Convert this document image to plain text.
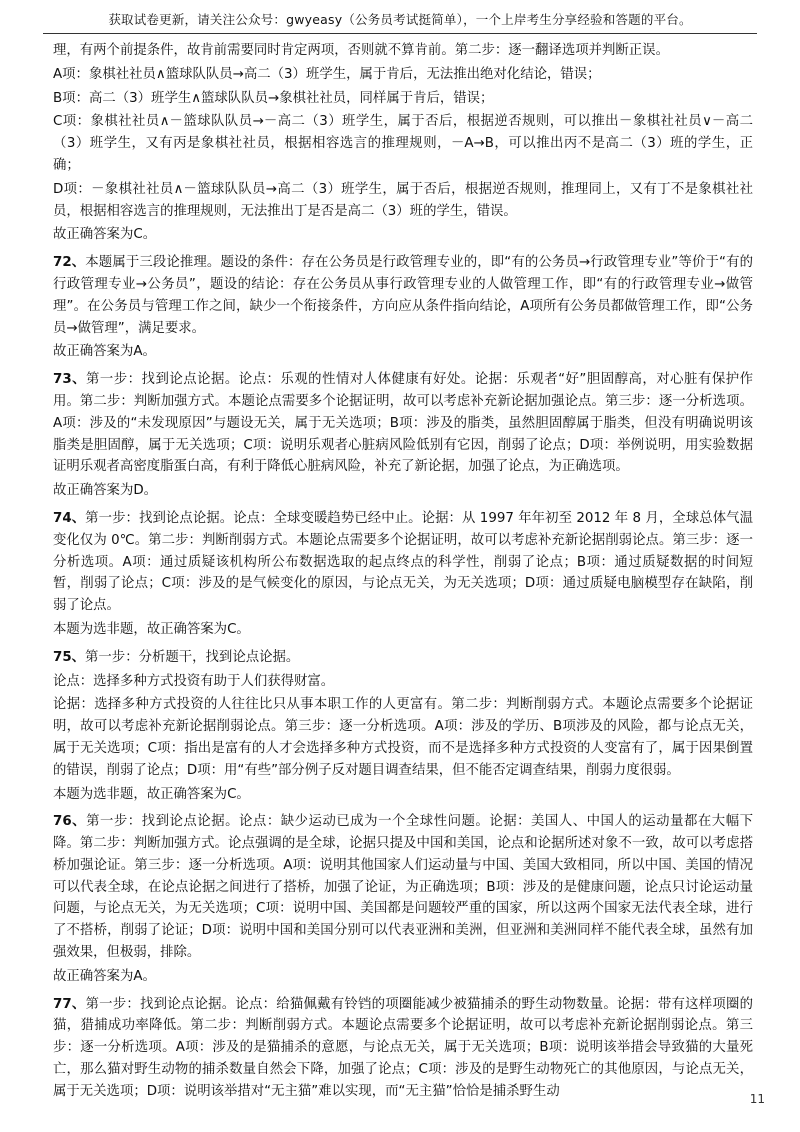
获取试卷更新，请关注公众号：gwyeasy（公务员考试挺简单），一个上岸考生分享经验和答题的平台。

理，有两个前提条件，故肯前需要同时肯定两项，否则就不算肯前。第二步：逐一翻译选项并判断正误。

A项：象棋社社员∧篮球队队员→高二（3）班学生，属于肯后，无法推出绝对化结论，错误；

B项：高二（3）班学生∧篮球队队员→象棋社社员，同样属于肯后，错误；

C项：象棋社社员∧－篮球队队员→－高二（3）班学生，属于否后，根据逆否规则，可以推出－象棋社社员∨－高二（3）班学生，又有丙是象棋社社员，根据相容选言的推理规则，－A→B，可以推出丙不是高二（3）班的学生，正确；

D项：－象棋社社员∧－篮球队队员→高二（3）班学生，属于否后，根据逆否规则，推理同上，又有丁不是象棋社社员，根据相容选言的推理规则，无法推出丁是否是高二（3）班的学生，错误。

故正确答案为C。

72、本题属于三段论推理。题设的条件：存在公务员是行政管理专业的，即“有的公务员→行政管理专业”等价于“有的行政管理专业→公务员”，题设的结论：存在公务员从事行政管理专业的人做管理工作，即“有的行政管理专业→做管理”。在公务员与管理工作之间，缺少一个衔接条件，方向应从条件指向结论，A项所有公务员都做管理工作，即“公务员→做管理”，满足要求。

故正确答案为A。

73、第一步：找到论点论据。论点：乐观的性情对人体健康有好处。论据：乐观者“好”胆固醇高，对心脏有保护作用。第二步：判断加强方式。本题论点需要多个论据证明，故可以考虑补充新论据加强论点。第三步：逐一分析选项。A项：涉及的“未发现原因”与题设无关，属于无关选项；B项：涉及的脂类，虽然胆固醇属于脂类，但没有明确说明该脂类是胆固醇，属于无关选项；C项：说明乐观者心脏病风险低别有它因，削弱了论点；D项：举例说明，用实验数据证明乐观者高密度脂蛋白高，有利于降低心脏病风险，补充了新论据，加强了论点，为正确选项。

故正确答案为D。

74、第一步：找到论点论据。论点：全球变暖趋势已经中止。论据：从 1997 年年初至 2012 年 8 月，全球总体气温变化仅为 0℃。第二步：判断削弱方式。本题论点需要多个论据证明，故可以考虑补充新论据削弱论点。第三步：逐一分析选项。A项：通过质疑该机构所公布数据选取的起点终点的科学性，削弱了论点；B项：通过质疑数据的时间短暂，削弱了论点；C项：涉及的是气候变化的原因，与论点无关，为无关选项；D项：通过质疑电脑模型存在缺陷，削弱了论点。

本题为选非题，故正确答案为C。

75、第一步：分析题干，找到论点论据。

论点：选择多种方式投资有助于人们获得财富。

论据：选择多种方式投资的人往往比只从事本职工作的人更富有。第二步：判断削弱方式。本题论点需要多个论据证明，故可以考虑补充新论据削弱论点。第三步：逐一分析选项。A项：涉及的学历、B项涉及的风险，都与论点无关，属于无关选项；C项：指出是富有的人才会选择多种方式投资，而不是选择多种方式投资的人变富有了，属于因果倒置的错误，削弱了论点；D项：用“有些”部分例子反对题目调查结果，但不能否定调查结果，削弱力度很弱。

本题为选非题，故正确答案为C。

76、第一步：找到论点论据。论点：缺少运动已成为一个全球性问题。论据：美国人、中国人的运动量都在大幅下降。第二步：判断加强方式。论点强调的是全球，论据只提及中国和美国，论点和论据所述对象不一致，故可以考虑搭桥加强论证。第三步：逐一分析选项。A项：说明其他国家人们运动量与中国、美国大致相同，所以中国、美国的情况可以代表全球，在论点论据之间进行了搭桥，加强了论证，为正确选项；B项：涉及的是健康问题，论点只讨论运动量问题，与论点无关，为无关选项；C项：说明中国、美国都是问题较严重的国家，所以这两个国家无法代表全球，进行了不搭桥，削弱了论证；D项：说明中国和美国分别可以代表亚洲和美洲，但亚洲和美洲同样不能代表全球，虽然有加强效果，但极弱，排除。

故正确答案为A。

77、第一步：找到论点论据。论点：给猫佩戴有铃铛的项圈能减少被猫捕杀的野生动物数量。论据：带有这样项圈的猫，猎捕成功率降低。第二步：判断削弱方式。本题论点需要多个论据证明，故可以考虑补充新论据削弱论点。第三步：逐一分析选项。A项：涉及的是猫捕杀的意愿，与论点无关，属于无关选项；B项：说明该举措会导致猫的大量死亡，那么猫对野生动物的捕杀数量自然会下降，加强了论点；C项：涉及的是野生动物死亡的其他原因，与论点无关，属于无关选项；D项：说明该举措对“无主猫”难以实现，而“无主猫”恰恰是捕杀野生动

11
